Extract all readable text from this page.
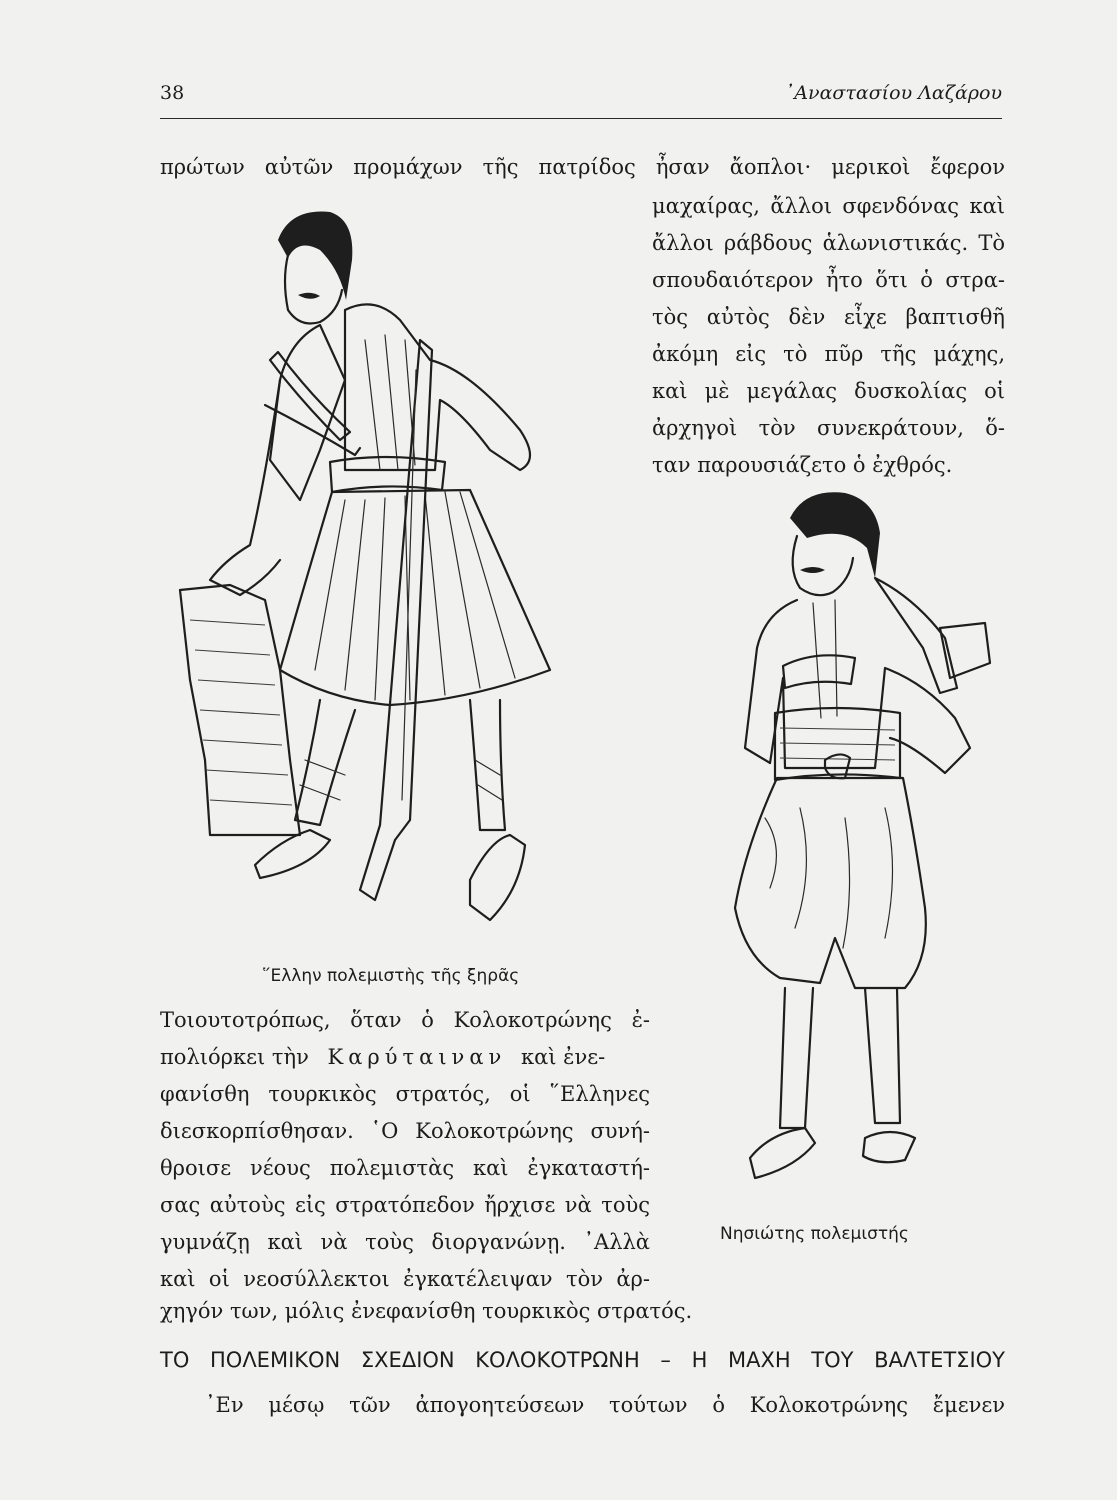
38	᾿Αναστασίου Λαζάρου
πρώτων αὐτῶν προμάχων τῆς πατρίδος ἦσαν ἄοπλοι· μερικοὶ ἔφερον
μαχαίρας, ἄλλοι σφενδόνας καὶ
ἄλλοι ράβδους ἁλωνιστικάς. Τὸ
σπουδαιότερον ἦτο ὅτι ὁ στρα-
τὸς αὐτὸς δὲν εἶχε βαπτισθῆ
ἀκόμη εἰς τὸ πῦρ τῆς μάχης,
καὶ μὲ μεγάλας δυσκολίας οἱ
ἀρχηγοὶ τὸν συνεκράτουν, ὅ-
ταν παρουσιάζετο ὁ ἐχθρός.
῞Ελλην πολεμιστὴς τῆς ξηρᾶς
Νησιώτης πολεμιστής
Τοιουτοτρόπως, ὅταν ὁ Κολοκοτρώνης ἐ-
πολιόρκει τὴν Καρύταιναν καὶ ἐνε-
φανίσθη τουρκικὸς στρατός, οἱ ῞Ελληνες
διεσκορπίσθησαν. ῾Ο Κολοκοτρώνης συνή-
θροισε νέους πολεμιστὰς καὶ ἐγκαταστή-
σας αὐτοὺς εἰς στρατόπεδον ἤρχισε νὰ τοὺς
γυμνάζῃ καὶ νὰ τοὺς διοργανώνῃ. ᾿Αλλὰ
καὶ οἱ νεοσύλλεκτοι ἐγκατέλειψαν τὸν ἀρ-
χηγόν των, μόλις ἐνεφανίσθη τουρκικὸς στρατός.
ΤΟ ΠΟΛΕΜΙΚΟΝ ΣΧΕΔΙΟΝ ΚΟΛΟΚΟΤΡΩΝΗ – Η ΜΑΧΗ ΤΟΥ ΒΑΛΤΕΤΣΙΟΥ
᾿Εν μέσῳ τῶν ἀπογοητεύσεων τούτων ὁ Κολοκοτρώνης ἔμενεν
